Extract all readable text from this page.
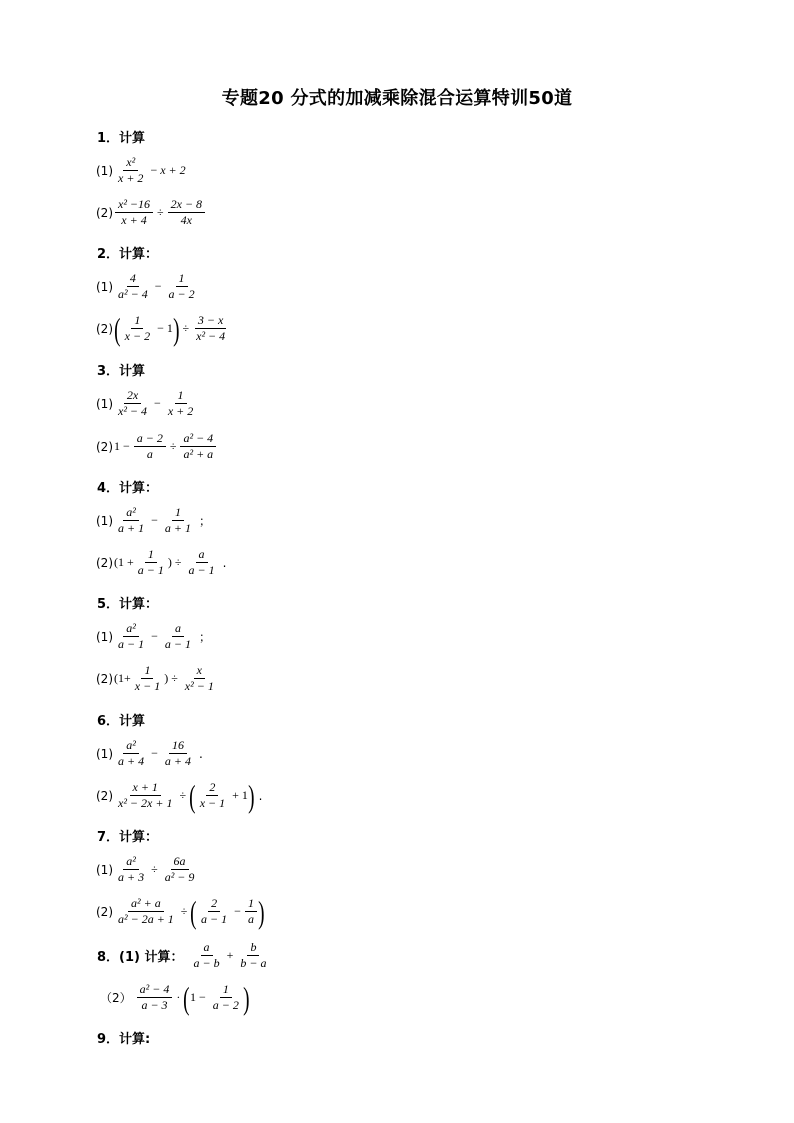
专题20 分式的加减乘除混合运算特训50道
1．计算
$(1) \frac{\text{x²}}{x + 2} - x + 2$
$(2) \frac{\text{x² −16}}{x + 4} \div \frac{2x - 8}{4x}$
2．计算：
$(1) \frac{4}{\text{a² − 4}} - \frac{1}{a - 2}$
(2) ( $\frac{1}{x - 2} - 1$ ) ÷ $\frac{3 - x}{\text{x² − 4}}$
3．计算
$(1) \frac{2x}{\text{x² − 4}} - \frac{1}{x + 2}$
(2) $1 - \frac{a - 2}{a} \div \frac{\text{a² − 4}}{\text{a² + a}}$
4．计算：
$(1) \frac{\text{a²}}{a + 1} - \frac{1}{a + 1}$ ；
(2) ($1 + \frac{1}{a - 1}$ ) ÷ $\frac{a}{a - 1}$ .
5．计算：
$(1) \frac{\text{a²}}{a - 1} - \frac{a}{a - 1}$ ；
(2) ($1+ \frac{1}{x - 1}$ ) ÷ $\frac{x}{\text{x² − 1}}$
6．计算
$(1) \frac{\text{a²}}{a + 4} - \frac{16}{a + 4}$ .
$(2) \frac{x + 1}{\text{x² − 2x + 1}}$ ÷ ( $\frac{2}{x - 1} + 1$ ) .
7．计算：
$(1) \frac{\text{a²}}{a + 3} \div \frac{6a}{\text{a² − 9}}$
$(2) \frac{\text{a² + a}}{\text{a² − 2a + 1}}$ ÷ ( $\frac{2}{a - 1} - \frac{1}{a}$ )
8．(1) 计算： $\frac{a}{a - b} + \frac{b}{b - a}$
$(2) \frac{\text{a² − 4}}{a - 3}$ · ( $1 - \frac{1}{a - 2}$ )
9．计算:
